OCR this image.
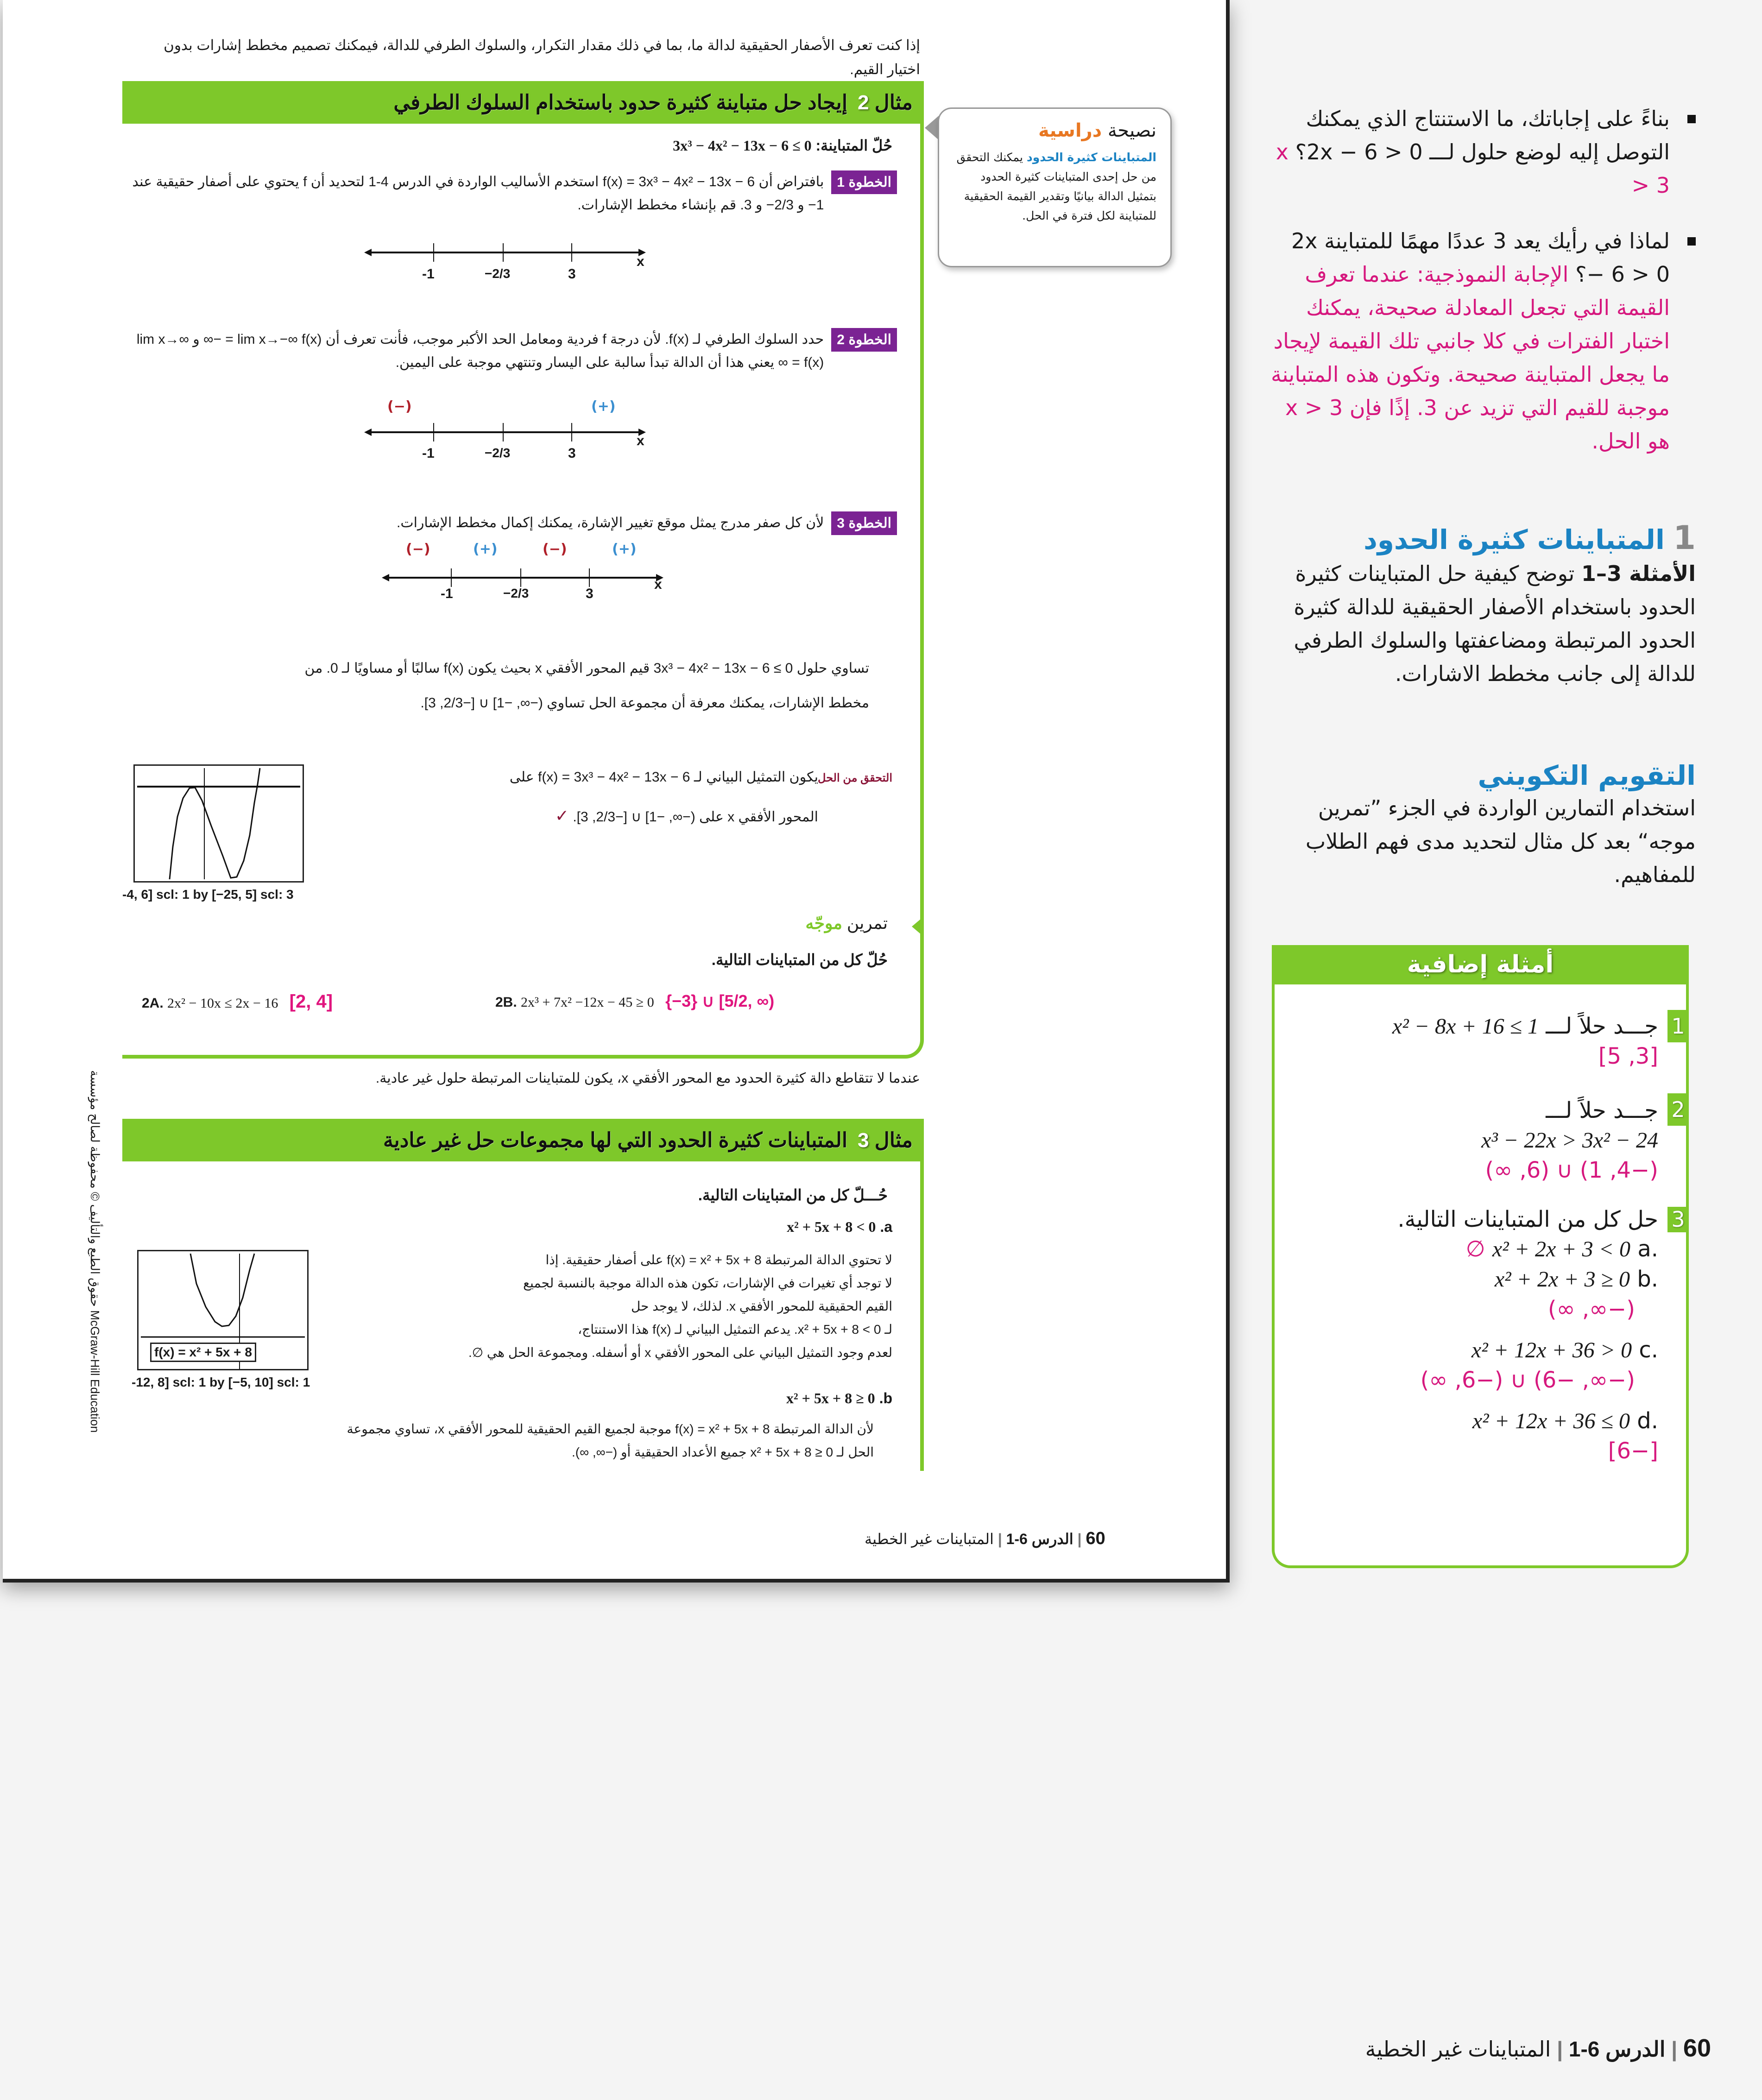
إذا كنت تعرف الأصفار الحقيقية لدالة ما، بما في ذلك مقدار التكرار، والسلوك الطرفي للدالة، فيمكنك تصميم مخطط إشارات بدون اختيار القيم.

مثال 2
إيجاد حل متباينة كثيرة حدود باستخدام السلوك الطرفي
حُلّ المتباينة: 3x³ − 4x² − 13x − 6 ≤ 0
الخطوة 1
بافتراض أن f(x) = 3x³ − 4x² − 13x − 6 استخدم الأساليب الواردة في الدرس 4-1 لتحديد أن f يحتوي على أصفار حقيقية عند 1− و 2/3− و 3. قم بإنشاء مخطط الإشارات.
-1	−2/3	3
x
الخطوة 2
حدد السلوك الطرفي لـ f(x). لأن درجة f فردية ومعامل الحد الأكبر موجب، فأنت تعرف أن lim x→−∞ f(x) = −∞ و lim x→∞ f(x) = ∞ يعني هذا أن الدالة تبدأ سالبة على اليسار وتنتهي موجبة على اليمين.
(−)	(+)
-1	−2/3	3
x
الخطوة 3
لأن كل صفر مدرج يمثل موقع تغيير الإشارة، يمكنك إكمال مخطط الإشارات.
(−)	(+)	(−)	(+)
-1	−2/3	3
x

تساوي حلول 3x³ − 4x² − 13x − 6 ≤ 0 قيم المحور الأفقي x بحيث يكون f(x) سالبًا أو مساويًا لـ 0. من

مخطط الإشارات، يمكنك معرفة أن مجموعة الحل تساوي (−∞, −1] ∪ [−2/3, 3].

-4, 6] scl: 1 by [−25, 5] scl: 3
التحقق من الحل

يكون التمثيل البياني لـ f(x) = 3x³ − 4x² − 13x − 6 على

المحور الأفقي x على (−∞, −1] ∪ [−2/3, 3]. ✓

تمرين موجّه

حُلّ كل من المتباينات التالية.

2A. 2x² − 10x ≤ 2x − 16 [2, 4]	2B. 2x³ + 7x² −12x − 45 ≥ 0 {−3} ∪ [5/2, ∞)

عندما لا تتقاطع دالة كثيرة الحدود مع المحور الأفقي x، يكون للمتباينات المرتبطة حلول غير عادية.

مثال 3
المتباينات كثيرة الحدود التي لها مجموعات حل غير عادية

حُـــلّ كل من المتباينات التالية.

a. x² + 5x + 8 < 0
لا تحتوي الدالة المرتبطة f(x) = x² + 5x + 8 على أصفار حقيقية. إذا
لا توجد أي تغيرات في الإشارات، تكون هذه الدالة موجبة بالنسبة لجميع
القيم الحقيقية للمحور الأفقي x. لذلك، لا يوجد حل
لـ x² + 5x + 8 < 0. يدعم التمثيل البياني لـ f(x) هذا الاستنتاج،
لعدم وجود التمثيل البياني على المحور الأفقي x أو أسفله. ومجموعة الحل هي ∅.
f(x) = x² + 5x + 8
-12, 8] scl: 1 by [−5, 10] scl: 1
b. x² + 5x + 8 ≥ 0
لأن الدالة المرتبطة f(x) = x² + 5x + 8 موجبة لجميع القيم الحقيقية للمحور الأفقي x، تساوي مجموعة
الحل لـ x² + 5x + 8 ≥ 0 جميع الأعداد الحقيقية أو (−∞, ∞).
نصيحة دراسية
المتباينات كثيرة الحدود يمكنك التحقق من حل إحدى المتباينات كثيرة الحدود بتمثيل الدالة بيانيًا وتقدير القيمة الحقيقية للمتباينة لكل فترة في الحل.
حقوق الطبع والتأليف © محفوظة لصالح مؤسسة McGraw-Hill Education
60 | الدرس 6-1 | المتباينات غير الخطية
بناءً على إجاباتك، ما الاستنتاج الذي يمكنك التوصل إليه لوضع حلول لـــ 2x − 6 > 0؟ x > 3
لماذا في رأيك يعد 3 عددًا مهمًا للمتباينة 2x − 6 > 0؟ الإجابة النموذجية: عندما تعرف القيمة التي تجعل المعادلة صحيحة، يمكنك اختبار الفترات في كلا جانبي تلك القيمة لإيجاد ما يجعل المتباينة صحيحة. وتكون هذه المتباينة موجبة للقيم التي تزيد عن 3. إذًا فإن x > 3 هو الحل.
1 المتباينات كثيرة الحدود
الأمثلة 3–1 توضح كيفية حل المتباينات كثيرة الحدود باستخدام الأصفار الحقيقية للدالة كثيرة الحدود المرتبطة ومضاعفتها والسلوك الطرفي للدالة إلى جانب مخطط الاشارات.
التقويم التكويني
استخدام التمارين الواردة في الجزء ”تمرين موجه“ بعد كل مثال لتحديد مدى فهم الطلاب للمفاهيم.
أمثلة إضافية
1
جـــد حلاً لـــ x² − 8x + 16 ≤ 1
[3, 5]
2
جـــد حلاً لـــ
x³ − 22x > 3x² − 24
(−4, 1) ∪ (6, ∞)
3
حل كل من المتباينات التالية.
.a x² + 2x + 3 < 0 ∅
.b x² + 2x + 3 ≥ 0
(−∞, ∞)
.c x² + 12x + 36 > 0
(−∞, −6) ∪ (−6, ∞)
.d x² + 12x + 36 ≤ 0
[−6]
60 | الدرس 6-1 | المتباينات غير الخطية
